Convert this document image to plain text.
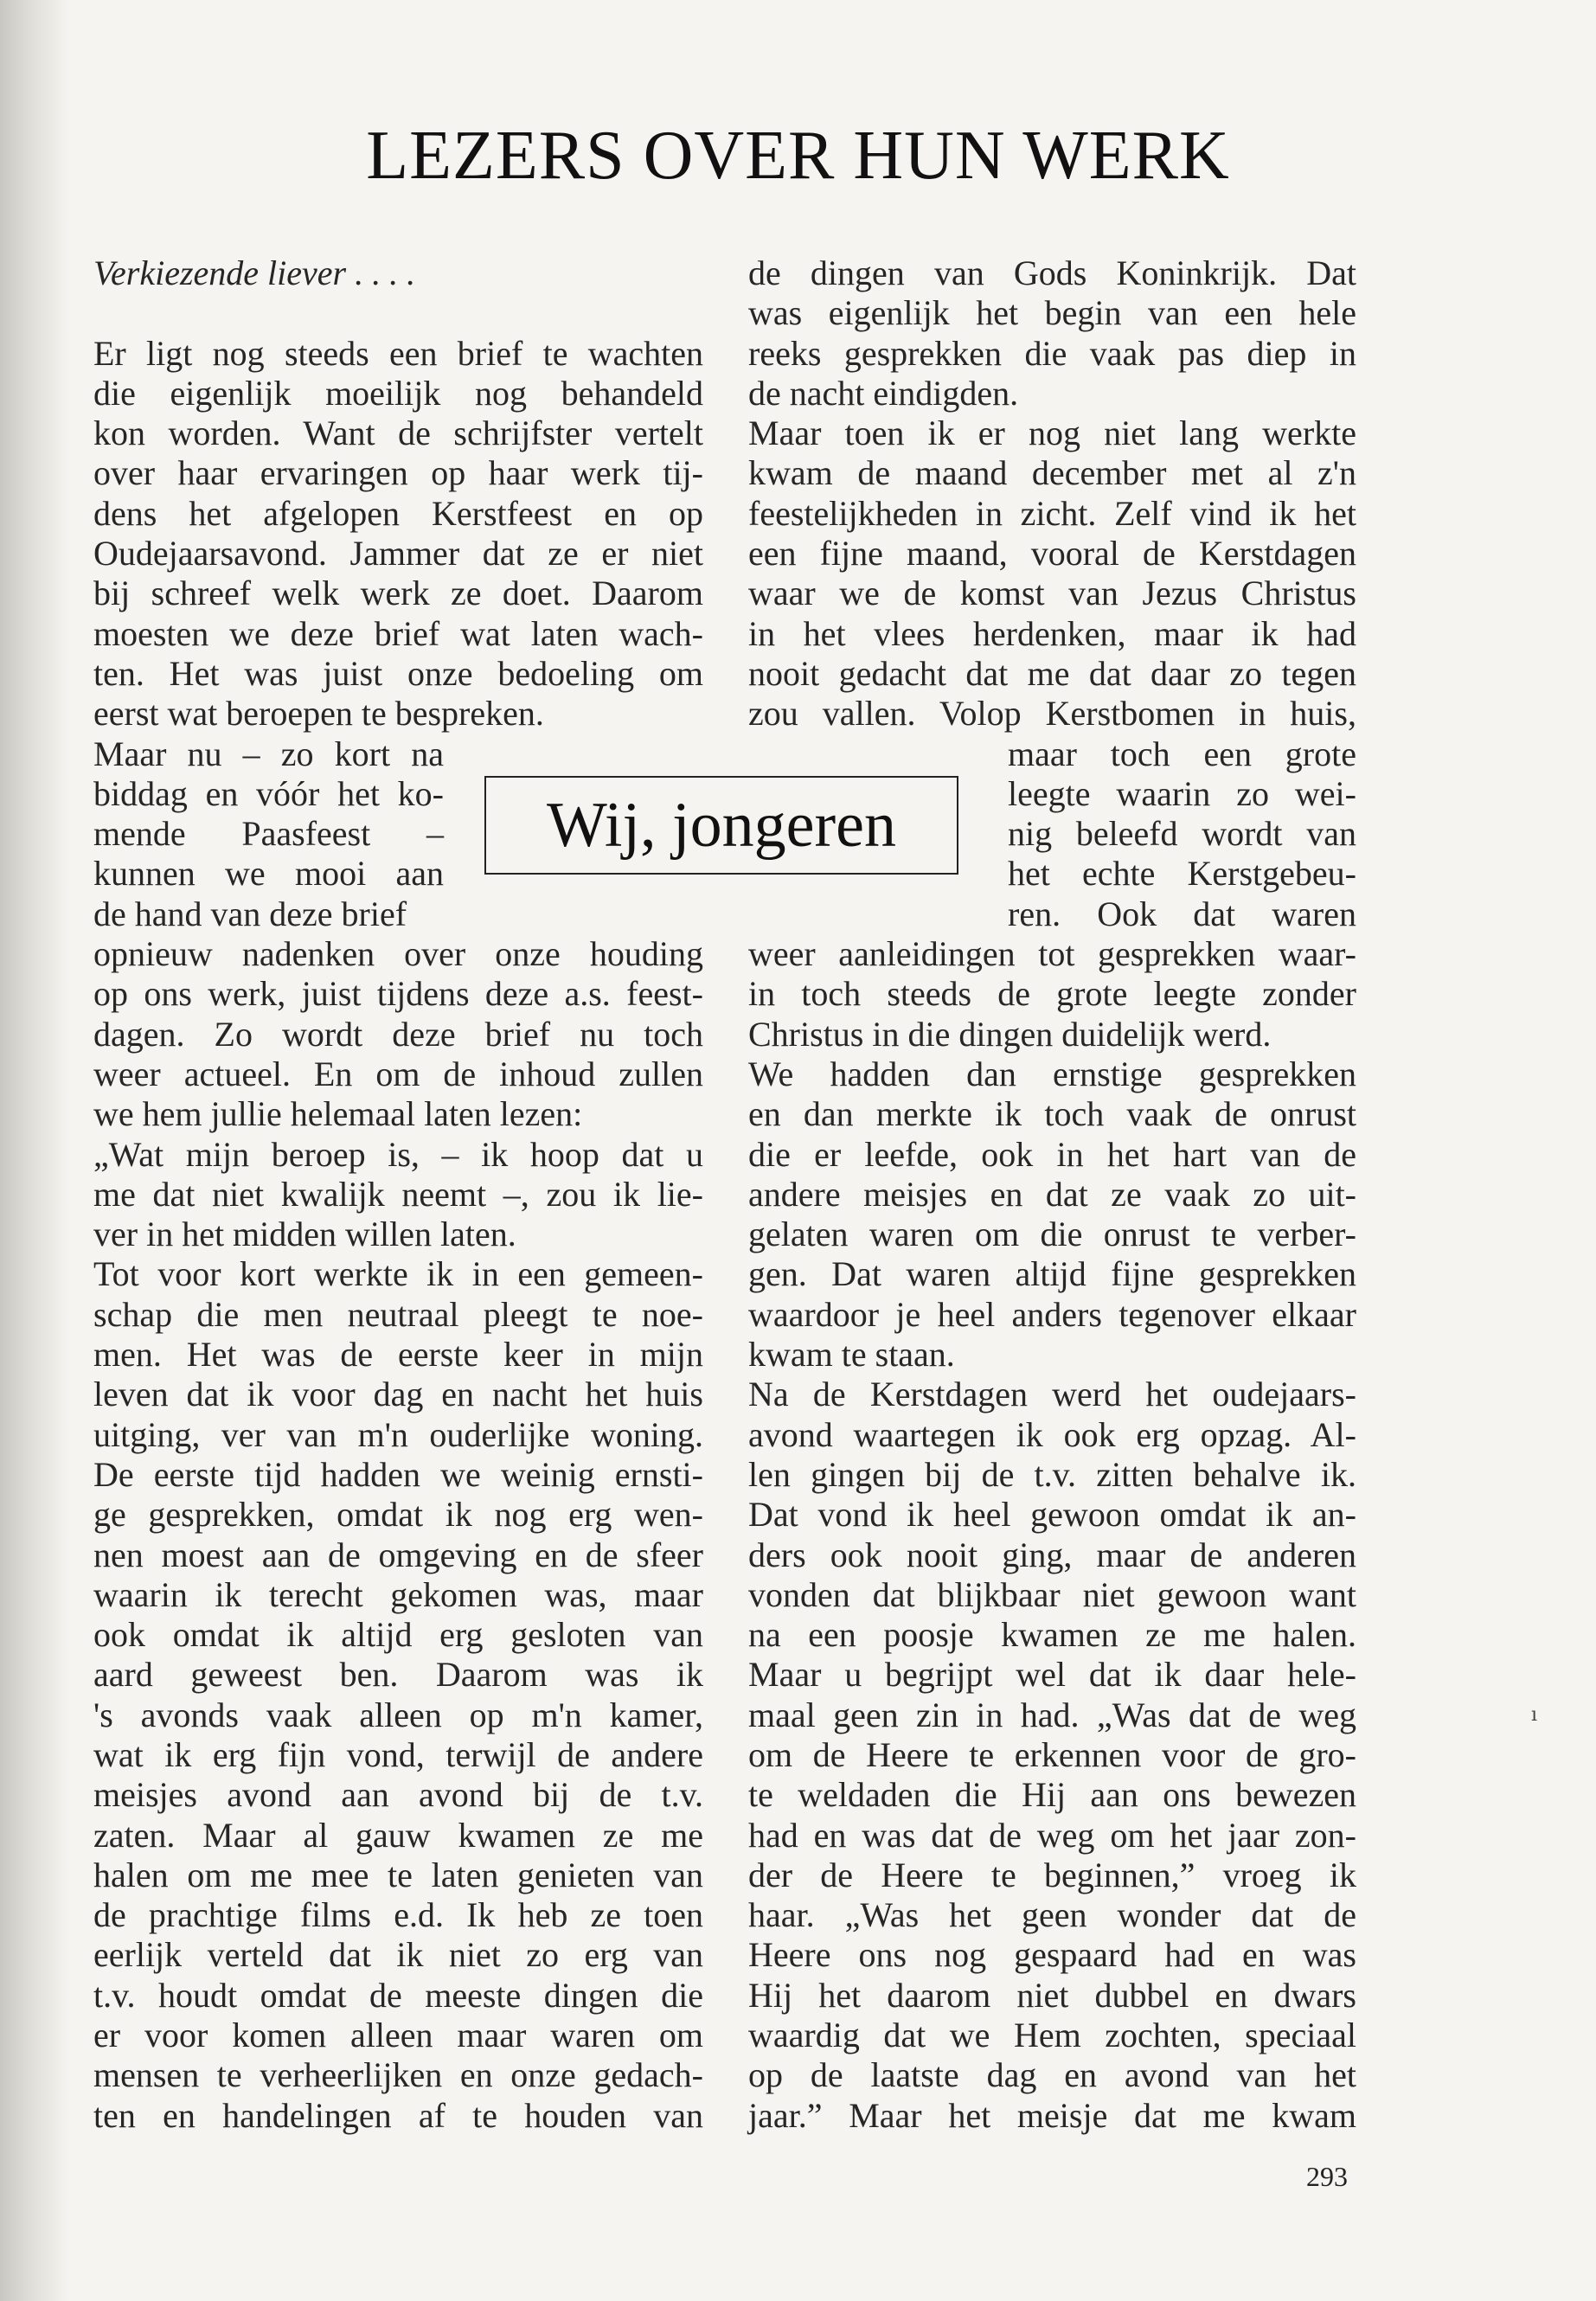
LEZERS OVER HUN WERK
Verkiezende liever . . . .
Er ligt nog steeds een brief te wachten
die eigenlijk moeilijk nog behandeld
kon worden. Want de schrijfster vertelt
over haar ervaringen op haar werk tij-
dens het afgelopen Kerstfeest en op
Oudejaarsavond. Jammer dat ze er niet
bij schreef welk werk ze doet. Daarom
moesten we deze brief wat laten wach-
ten. Het was juist onze bedoeling om
eerst wat beroepen te bespreken.
Maar nu – zo kort na
biddag en vóór het ko-
mende Paasfeest –
kunnen we mooi aan
de hand van deze brief
opnieuw nadenken over onze houding
op ons werk, juist tijdens deze a.s. feest-
dagen. Zo wordt deze brief nu toch
weer actueel. En om de inhoud zullen
we hem jullie helemaal laten lezen:
„Wat mijn beroep is, – ik hoop dat u
me dat niet kwalijk neemt –, zou ik lie-
ver in het midden willen laten.
Tot voor kort werkte ik in een gemeen-
schap die men neutraal pleegt te noe-
men. Het was de eerste keer in mijn
leven dat ik voor dag en nacht het huis
uitging, ver van m'n ouderlijke woning.
De eerste tijd hadden we weinig ernsti-
ge gesprekken, omdat ik nog erg wen-
nen moest aan de omgeving en de sfeer
waarin ik terecht gekomen was, maar
ook omdat ik altijd erg gesloten van
aard geweest ben. Daarom was ik
's avonds vaak alleen op m'n kamer,
wat ik erg fijn vond, terwijl de andere
meisjes avond aan avond bij de t.v.
zaten. Maar al gauw kwamen ze me
halen om me mee te laten genieten van
de prachtige films e.d. Ik heb ze toen
eerlijk verteld dat ik niet zo erg van
t.v. houdt omdat de meeste dingen die
er voor komen alleen maar waren om
mensen te verheerlijken en onze gedach-
ten en handelingen af te houden van
de dingen van Gods Koninkrijk. Dat
was eigenlijk het begin van een hele
reeks gesprekken die vaak pas diep in
de nacht eindigden.
Maar toen ik er nog niet lang werkte
kwam de maand december met al z'n
feestelijkheden in zicht. Zelf vind ik het
een fijne maand, vooral de Kerstdagen
waar we de komst van Jezus Christus
in het vlees herdenken, maar ik had
nooit gedacht dat me dat daar zo tegen
zou vallen. Volop Kerstbomen in huis,
maar toch een grote
leegte waarin zo wei-
nig beleefd wordt van
het echte Kerstgebeu-
ren. Ook dat waren
weer aanleidingen tot gesprekken waar-
in toch steeds de grote leegte zonder
Christus in die dingen duidelijk werd.
We hadden dan ernstige gesprekken
en dan merkte ik toch vaak de onrust
die er leefde, ook in het hart van de
andere meisjes en dat ze vaak zo uit-
gelaten waren om die onrust te verber-
gen. Dat waren altijd fijne gesprekken
waardoor je heel anders tegenover elkaar
kwam te staan.
Na de Kerstdagen werd het oudejaars-
avond waartegen ik ook erg opzag. Al-
len gingen bij de t.v. zitten behalve ik.
Dat vond ik heel gewoon omdat ik an-
ders ook nooit ging, maar de anderen
vonden dat blijkbaar niet gewoon want
na een poosje kwamen ze me halen.
Maar u begrijpt wel dat ik daar hele-
maal geen zin in had. „Was dat de weg
om de Heere te erkennen voor de gro-
te weldaden die Hij aan ons bewezen
had en was dat de weg om het jaar zon-
der de Heere te beginnen,” vroeg ik
haar. „Was het geen wonder dat de
Heere ons nog gespaard had en was
Hij het daarom niet dubbel en dwars
waardig dat we Hem zochten, speciaal
op de laatste dag en avond van het
jaar.” Maar het meisje dat me kwam
Wij, jongeren
ı
293
